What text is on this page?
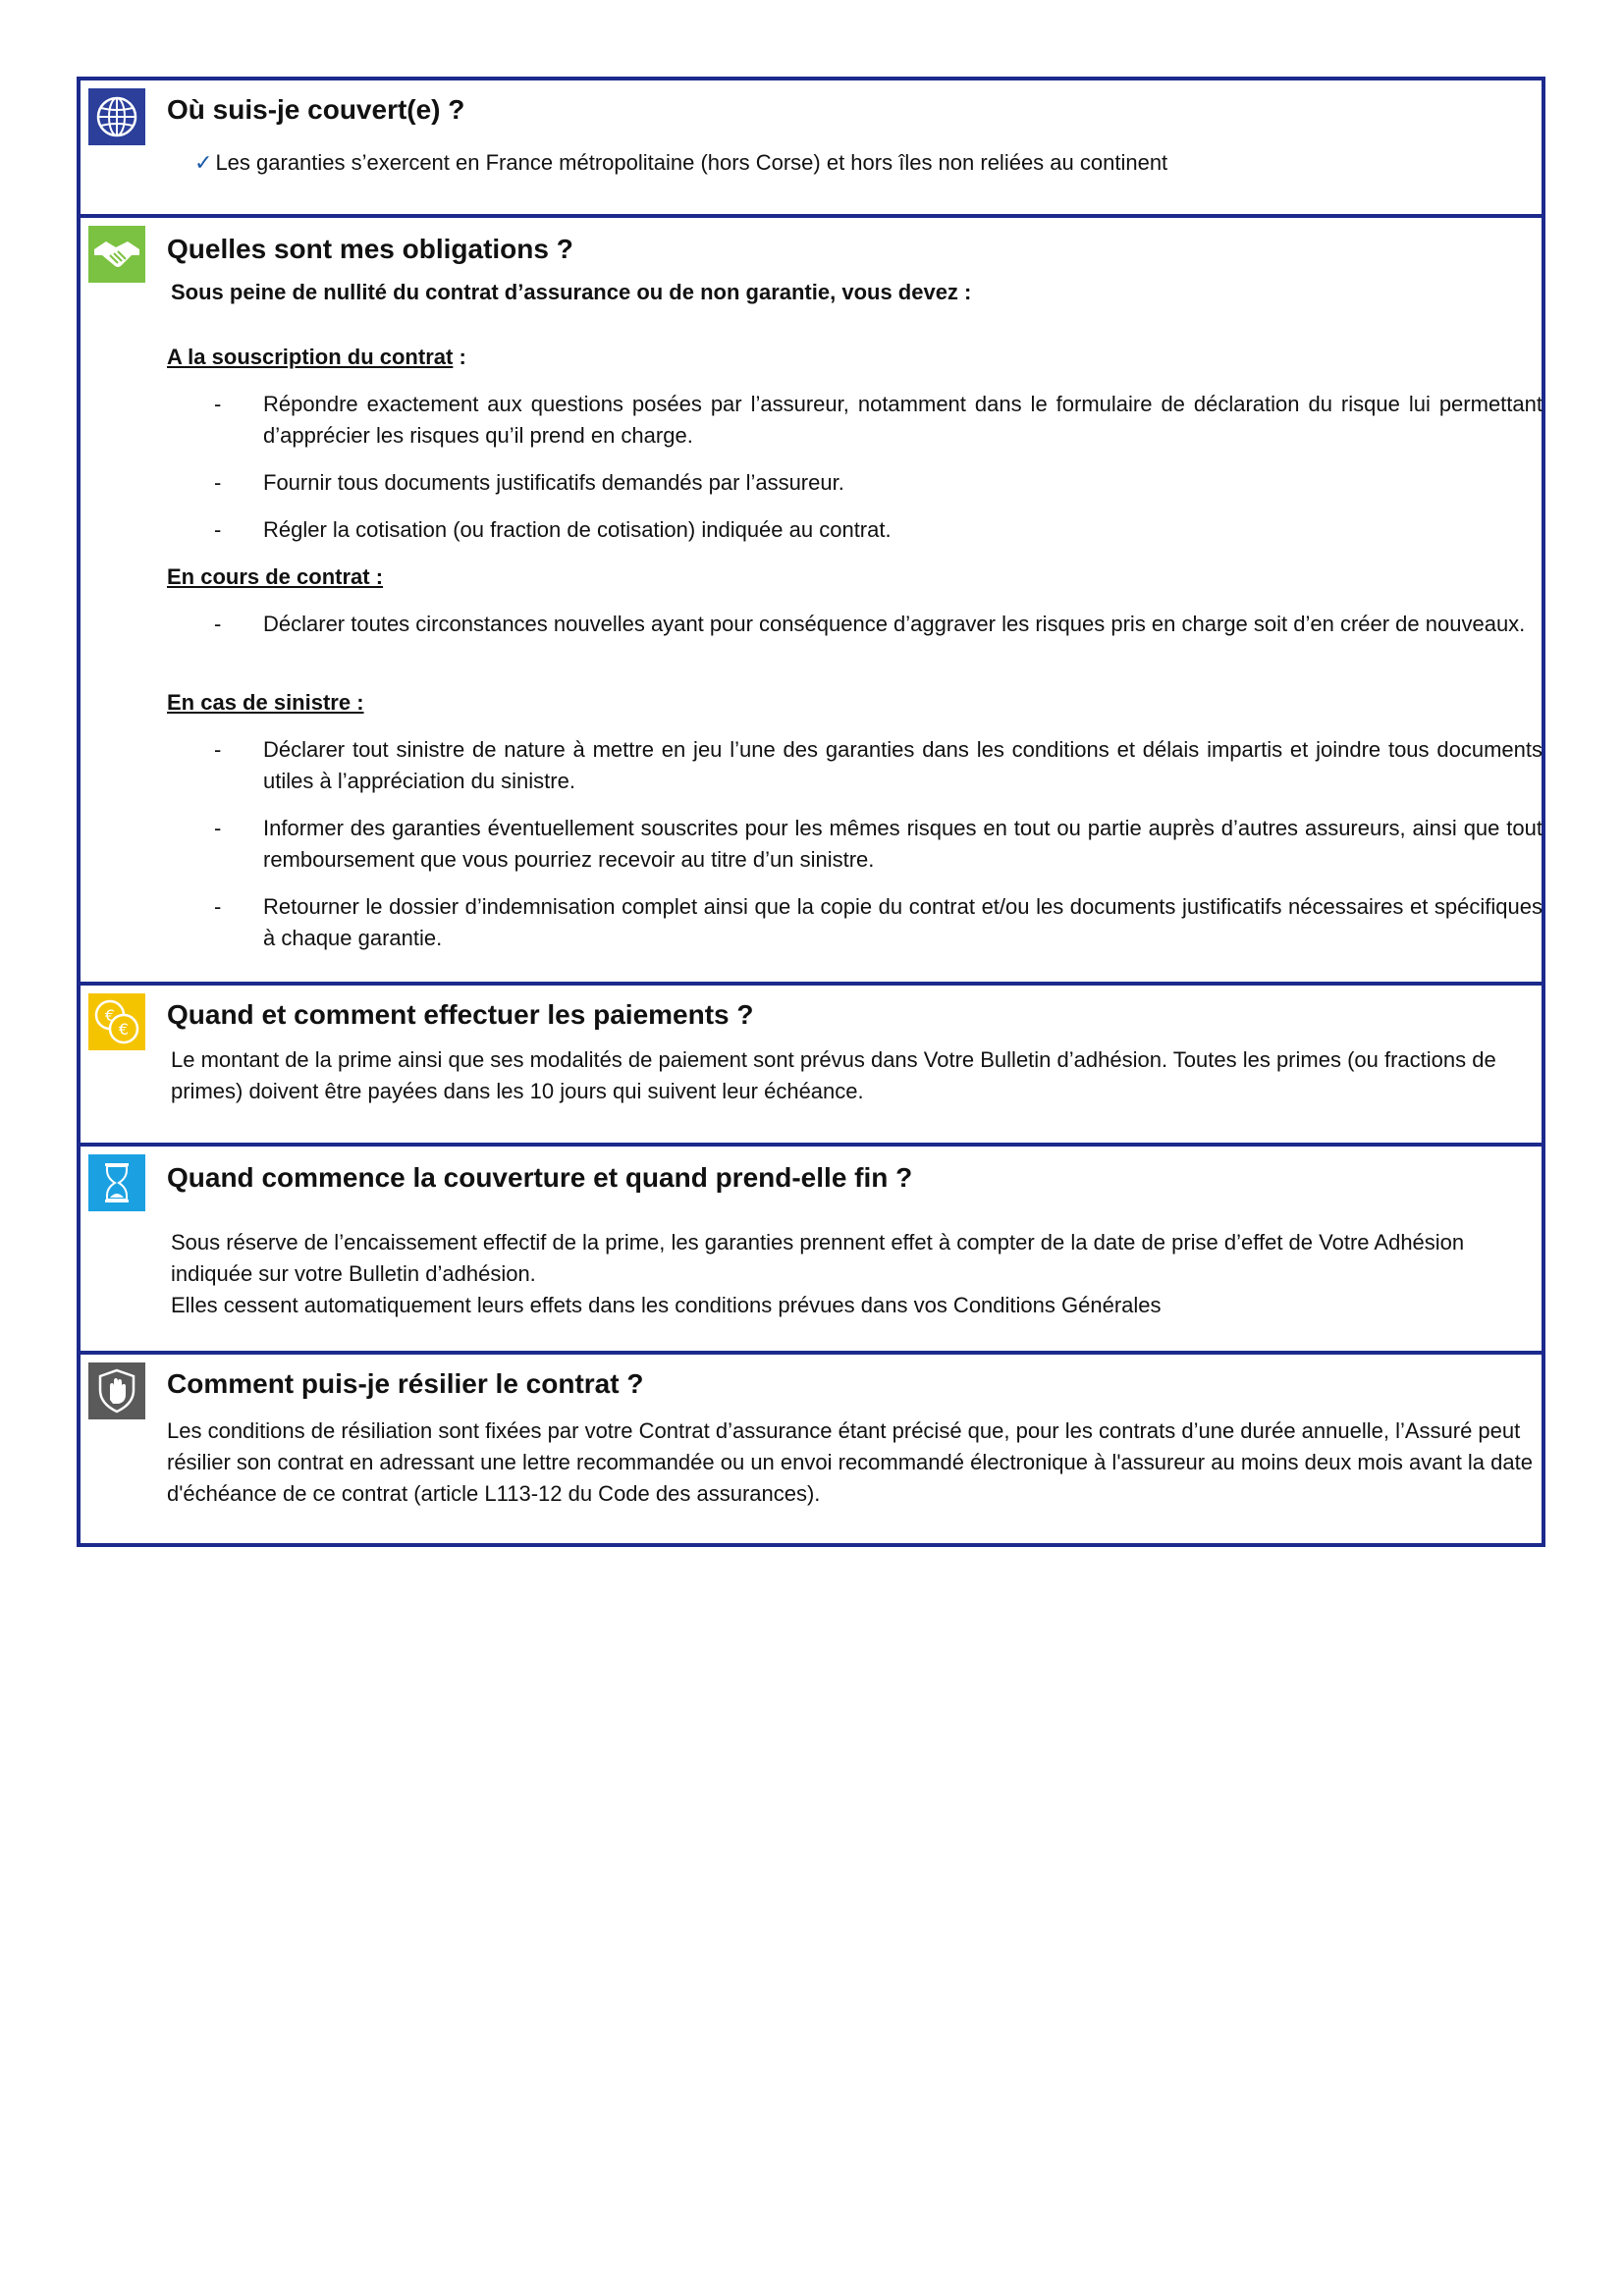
Où suis-je couvert(e) ?
✓ Les garanties s’exercent en France métropolitaine (hors Corse) et hors îles non reliées au continent
Quelles sont mes obligations ?
Sous peine de nullité du contrat d’assurance ou de non garantie, vous devez :
A la souscription du contrat :
- Répondre exactement aux questions posées par l’assureur, notamment dans le formulaire de déclaration du risque lui permettant d’apprécier les risques qu’il prend en charge.
- Fournir tous documents justificatifs demandés par l’assureur.
- Régler la cotisation (ou fraction de cotisation) indiquée au contrat.
En cours de contrat :
- Déclarer toutes circonstances nouvelles ayant pour conséquence d’aggraver les risques pris en charge soit d’en créer de nouveaux.
En cas de sinistre :
- Déclarer tout sinistre de nature à mettre en jeu l’une des garanties dans les conditions et délais impartis et joindre tous documents utiles à l’appréciation du sinistre.
- Informer des garanties éventuellement souscrites pour les mêmes risques en tout ou partie auprès d’autres assureurs, ainsi que tout remboursement que vous pourriez recevoir au titre d’un sinistre.
- Retourner le dossier d’indemnisation complet ainsi que la copie du contrat et/ou les documents justificatifs nécessaires et spécifiques à chaque garantie.
€
€ Quand et comment effectuer les paiements ?
Le montant de la prime ainsi que ses modalités de paiement sont prévus dans Votre Bulletin d’adhésion. Toutes les primes (ou fractions de primes) doivent être payées dans les 10 jours qui suivent leur échéance.
Quand commence la couverture et quand prend-elle fin ?
Sous réserve de l’encaissement effectif de la prime, les garanties prennent effet à compter de la date de prise d’effet de Votre Adhésion indiquée sur votre Bulletin d’adhésion.
Elles cessent automatiquement leurs effets dans les conditions prévues dans vos Conditions Générales
Comment puis-je résilier le contrat ?
Les conditions de résiliation sont fixées par votre Contrat d’assurance étant précisé que, pour les contrats d’une durée annuelle, l’Assuré peut résilier son contrat en adressant une lettre recommandée ou un envoi recommandé électronique à l'assureur au moins deux mois avant la date d'échéance de ce contrat (article L113-12 du Code des assurances).
